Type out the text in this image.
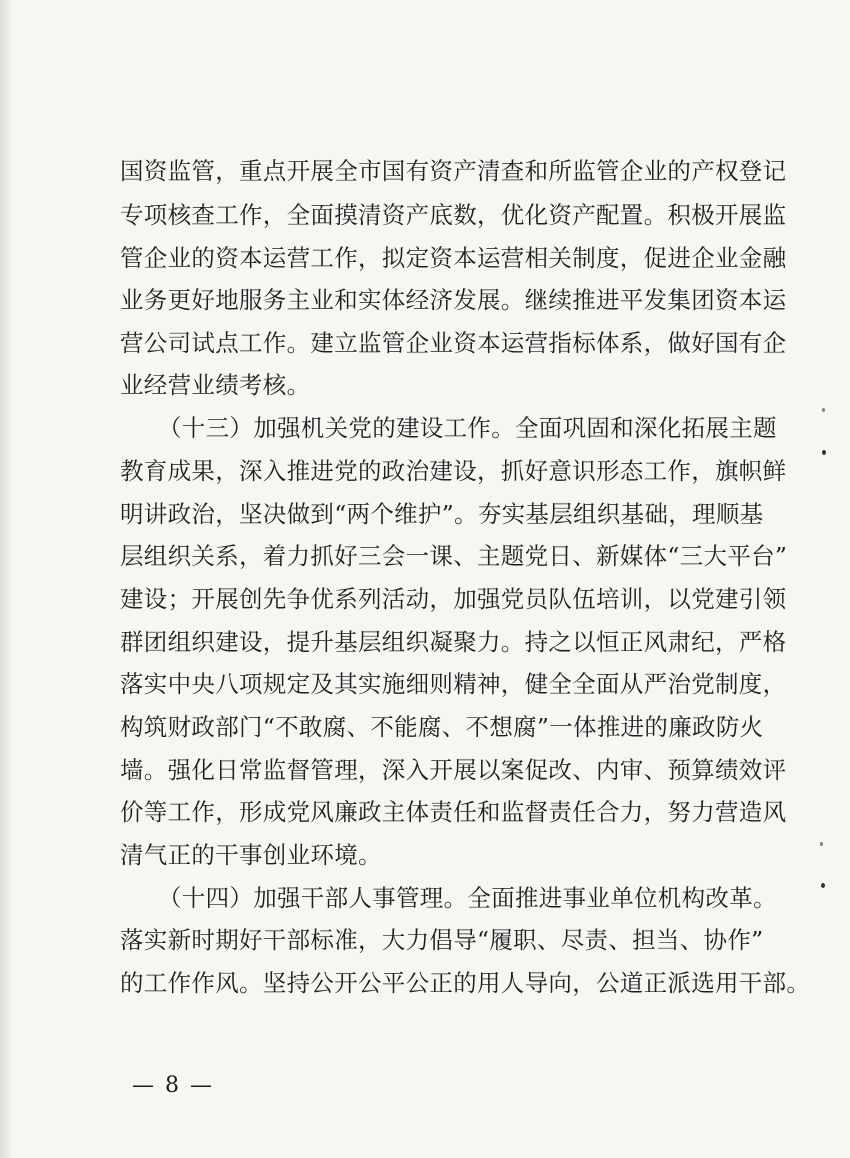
国资监管，重点开展全市国有资产清查和所监管企业的产权登记
专项核查工作，全面摸清资产底数，优化资产配置。积极开展监
管企业的资本运营工作，拟定资本运营相关制度，促进企业金融
业务更好地服务主业和实体经济发展。继续推进平发集团资本运
营公司试点工作。建立监管企业资本运营指标体系，做好国有企
业经营业绩考核。
（十三）加强机关党的建设工作。全面巩固和深化拓展主题
教育成果，深入推进党的政治建设，抓好意识形态工作，旗帜鲜
明讲政治，坚决做到“两个维护”。夯实基层组织基础，理顺基
层组织关系，着力抓好三会一课、主题党日、新媒体“三大平台”
建设；开展创先争优系列活动，加强党员队伍培训，以党建引领
群团组织建设，提升基层组织凝聚力。持之以恒正风肃纪，严格
落实中央八项规定及其实施细则精神，健全全面从严治党制度，
构筑财政部门“不敢腐、不能腐、不想腐”一体推进的廉政防火
墙。强化日常监督管理，深入开展以案促改、内审、预算绩效评
价等工作，形成党风廉政主体责任和监督责任合力，努力营造风
清气正的干事创业环境。
（十四）加强干部人事管理。全面推进事业单位机构改革。
落实新时期好干部标准，大力倡导“履职、尽责、担当、协作”
的工作作风。坚持公开公平公正的用人导向，公道正派选用干部。
— 8 —
